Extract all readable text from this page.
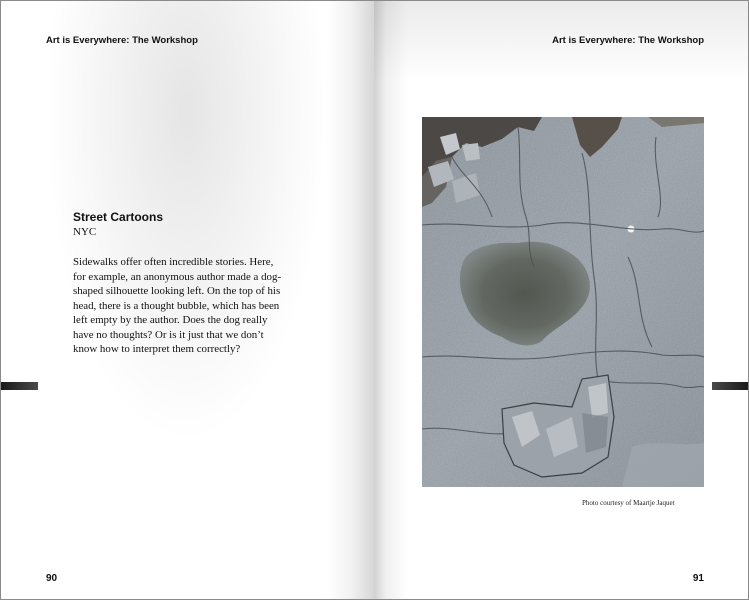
Art is Everywhere: The Workshop
Street Cartoons

NYC

Sidewalks offer often incredible stories. Here, for example, an anonymous author made a dog-shaped silhouette looking left. On the top of his head, there is a thought bubble, which has been left empty by the author. Does the dog really have no thoughts? Or is it just that we don’t know how to interpret them correctly?

90
Art is Everywhere: The Workshop
Photo courtesy of Maartje Jaquet
91
